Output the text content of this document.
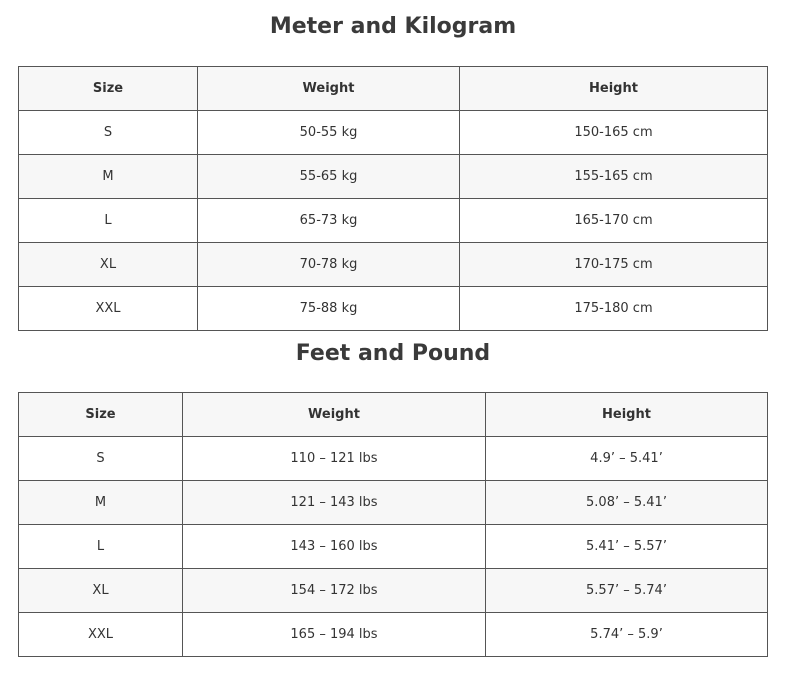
Meter and Kilogram
Size	Weight	Height
S	50-55 kg	150-165 cm
M	55-65 kg	155-165 cm
L	65-73 kg	165-170 cm
XL	70-78 kg	170-175 cm
XXL	75-88 kg	175-180 cm
Feet and Pound
Size	Weight	Height
S	110 – 121 lbs	4.9’ – 5.41’
M	121 – 143 lbs	5.08’ – 5.41’
L	143 – 160 lbs	5.41’ – 5.57’
XL	154 – 172 lbs	5.57’ – 5.74’
XXL	165 – 194 lbs	5.74’ – 5.9’
